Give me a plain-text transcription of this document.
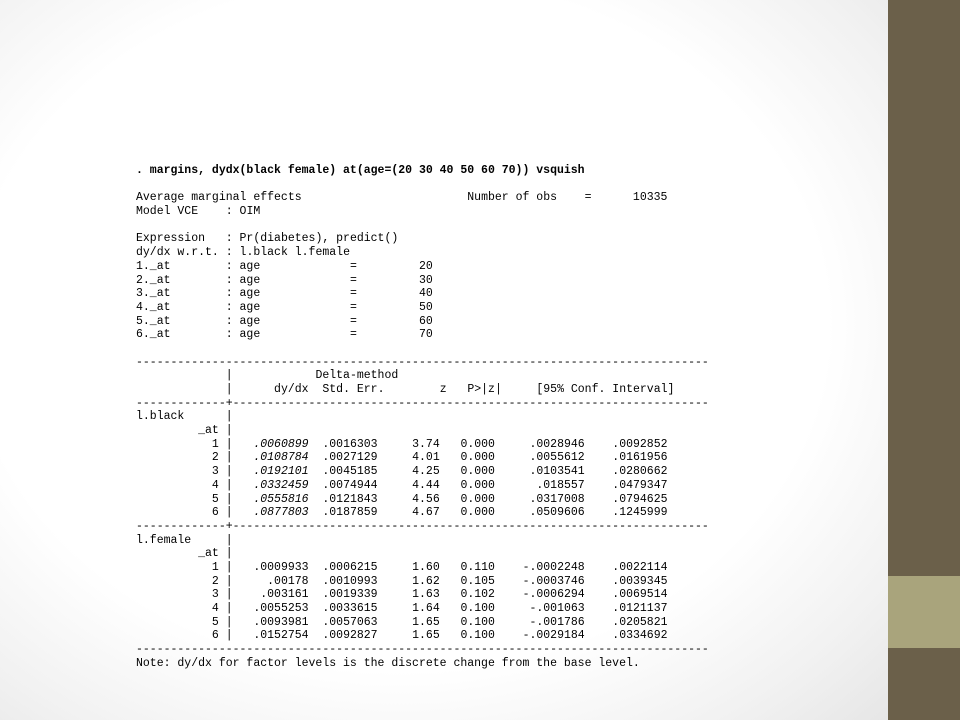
. margins, dydx(black female) at(age=(20 30 40 50 60 70)) vsquish
Average marginal effects	Number of obs    =      10335
Model VCE    : OIM
Expression   : Pr(diabetes), predict()
dy/dx w.r.t. : l.black l.female
1._at        : age             =         20
2._at        : age             =         30
3._at        : age             =         40
4._at        : age             =         50
5._at        : age             =         60
6._at        : age             =         70
-----------------------------------------------------------------------------------
|            Delta-method
|	dy/dx Std. Err.	z P>|z|	[95% Conf. Interval]
-------------+---------------------------------------------------------------------
l.black      |
_at |
1 |   .0060899 .0016303	3.74 0.000	.0028946 .0092852
2 |   .0108784 .0027129	4.01 0.000	.0055612 .0161956
3 |   .0192101 .0045185	4.25 0.000	.0103541 .0280662
4 |   .0332459 .0074944	4.44 0.000	.018557 .0479347
5 |   .0555816 .0121843	4.56 0.000	.0317008 .0794625
6 |   .0877803 .0187859	4.67 0.000	.0509606 .1245999
-------------+---------------------------------------------------------------------
l.female     |
_at |
1 |   .0009933 .0006215	1.60 0.110 -.0002248 .0022114
2 |     .00178 .0010993	1.62 0.105 -.0003746 .0039345
3 |    .003161 .0019339	1.63 0.102 -.0006294 .0069514
4 |   .0055253 .0033615	1.64 0.100	-.001063 .0121137
5 |   .0093981 .0057063	1.65 0.100	-.001786 .0205821
6 |   .0152754 .0092827	1.65 0.100 -.0029184 .0334692
-----------------------------------------------------------------------------------
Note: dy/dx for factor levels is the discrete change from the base level.
